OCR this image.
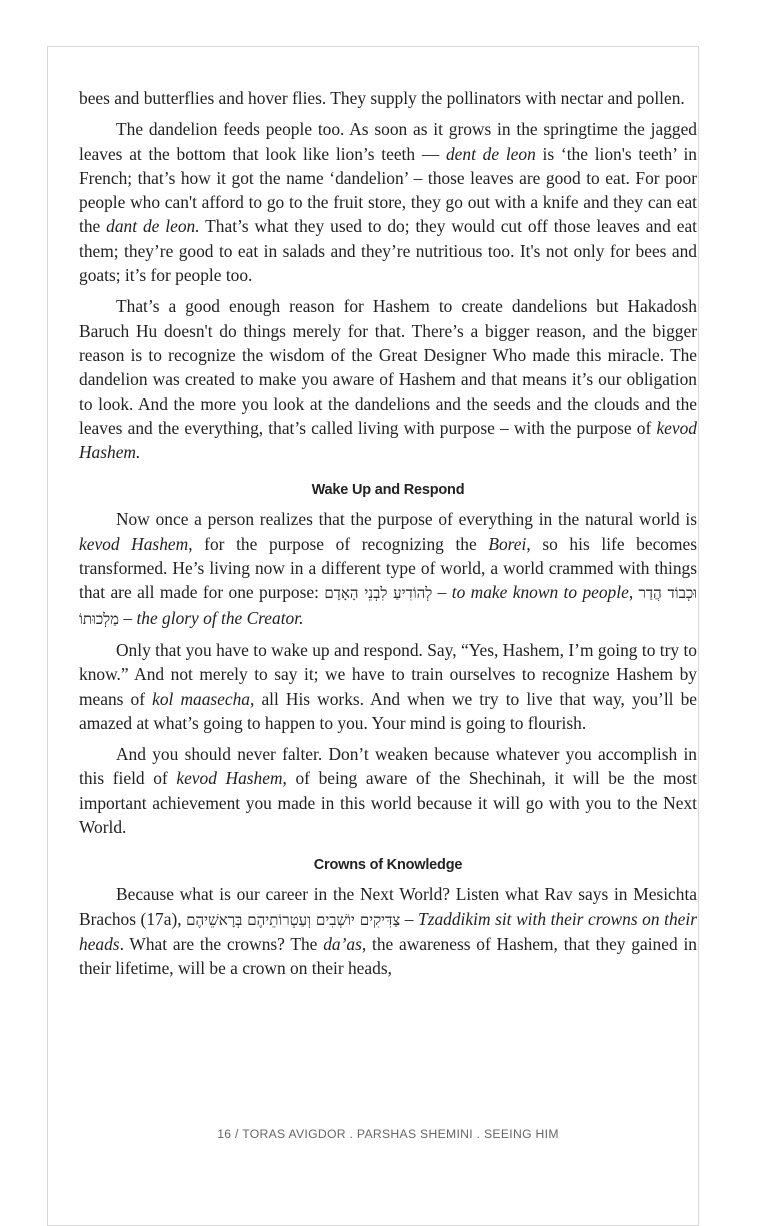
bees and butterflies and hover flies. They supply the pollinators with nectar and pollen.

The dandelion feeds people too. As soon as it grows in the springtime the jagged leaves at the bottom that look like lion’s teeth — dent de leon is ‘the lion's teeth’ in French; that’s how it got the name ‘dandelion’ – those leaves are good to eat. For poor people who can't afford to go to the fruit store, they go out with a knife and they can eat the dant de leon. That’s what they used to do; they would cut off those leaves and eat them; they’re good to eat in salads and they’re nutritious too. It's not only for bees and goats; it’s for people too.

That’s a good enough reason for Hashem to create dandelions but Hakadosh Baruch Hu doesn't do things merely for that. There’s a bigger reason, and the bigger reason is to recognize the wisdom of the Great Designer Who made this miracle. The dandelion was created to make you aware of Hashem and that means it’s our obligation to look. And the more you look at the dandelions and the seeds and the clouds and the leaves and the everything, that’s called living with purpose – with the purpose of kevod Hashem.

Wake Up and Respond

Now once a person realizes that the purpose of everything in the natural world is kevod Hashem, for the purpose of recognizing the Borei, so his life becomes transformed. He’s living now in a different type of world, a world crammed with things that are all made for one purpose: לְהוֹדִיעַ לִבְנֵי הָאָדָם – to make known to people, וּכְבוֹד הֲדַר מַלְכוּתוֹ – the glory of the Creator.

Only that you have to wake up and respond. Say, “Yes, Hashem, I’m going to try to know.” And not merely to say it; we have to train ourselves to recognize Hashem by means of kol maasecha, all His works. And when we try to live that way, you’ll be amazed at what’s going to happen to you. Your mind is going to flourish.

And you should never falter. Don’t weaken because whatever you accomplish in this field of kevod Hashem, of being aware of the Shechinah, it will be the most important achievement you made in this world because it will go with you to the Next World.

Crowns of Knowledge

Because what is our career in the Next World? Listen what Rav says in Mesichta Brachos (17a), צַדִּיקִים יוֹשְׁבִים וְעַטְרוֹתֵיהֶם בְּרָאשֵׁיהֶם – Tzaddikim sit with their crowns on their heads. What are the crowns? The da’as, the awareness of Hashem, that they gained in their lifetime, will be a crown on their heads,

16 / TORAS AVIGDOR . PARSHAS SHEMINI . SEEING HIM
